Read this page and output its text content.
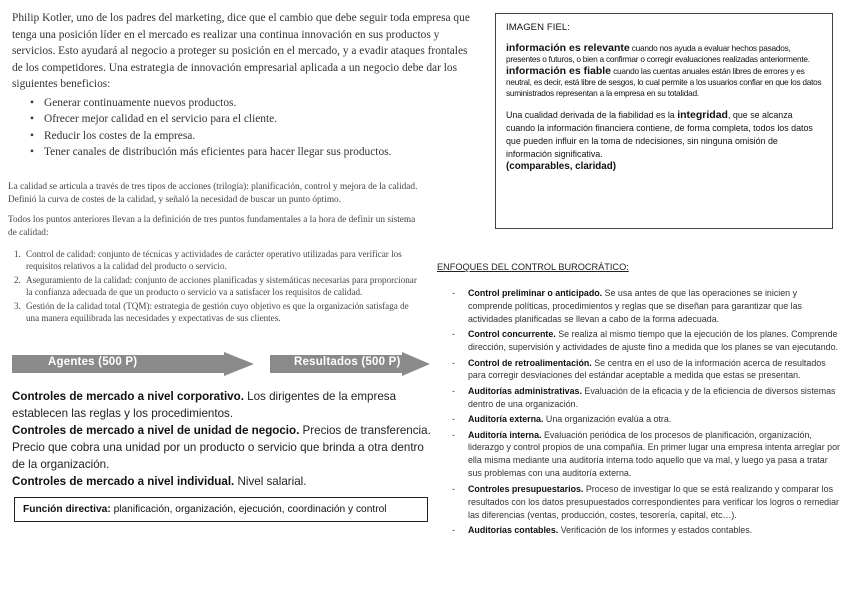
Philip Kotler, uno de los padres del marketing, dice que el cambio que debe seguir toda empresa que tenga una posición líder en el mercado es realizar una continua innovación en sus productos y servicios. Esto ayudará al negocio a proteger su posición en el mercado, y a evadir ataques frontales de los competidores. Una estrategia de innovación empresarial aplicada a un negocio debe dar los siguientes beneficios:

• Generar continuamente nuevos productos.
• Ofrecer mejor calidad en el servicio para el cliente.
• Reducir los costes de la empresa.
• Tener canales de distribución más eficientes para hacer llegar sus productos.

La calidad se articula a través de tres tipos de acciones (trilogía): planificación, control y mejora de la calidad. Definió la curva de costes de la calidad, y señaló la necesidad de buscar un punto óptimo.

Todos los puntos anteriores llevan a la definición de tres puntos fundamentales a la hora de definir un sistema de calidad:

1. Control de calidad: conjunto de técnicas y actividades de carácter operativo utilizadas para verificar los requisitos relativos a la calidad del producto o servicio.
2. Aseguramiento de la calidad: conjunto de acciones planificadas y sistemáticas necesarias para proporcionar la confianza adecuada de que un producto o servicio va a satisfacer los requisitos de calidad.
3. Gestión de la calidad total (TQM): estrategia de gestión cuyo objetivo es que la organización satisfaga de una manera equilibrada las necesidades y expectativas de sus clientes.
Agentes (500 P)	Resultados (500 P)
Controles de mercado a nivel corporativo. Los dirigentes de la empresa establecen las reglas y los procedimientos.
Controles de mercado a nivel de unidad de negocio. Precios de transferencia. Precio que cobra una unidad por un producto o servicio que brinda a otra dentro de la organización.
Controles de mercado a nivel individual. Nivel salarial.
Función directiva: planificación, organización, ejecución, coordinación y control
IMAGEN FIEL:
información es relevante cuando nos ayuda a evaluar hechos pasados, presentes o futuros, o bien a confirmar o corregir evaluaciones realizadas anteriormente.
información es fiable cuando las cuentas anuales están libres de errores y es neutral, es decir, está libre de sesgos, lo cual permite a los usuarios confiar en que los datos suministrados representan a la empresa en su totalidad.
Una cualidad derivada de la fiabilidad es la integridad, que se alcanza cuando la información financiera contiene, de forma completa, todos los datos que pueden influir en la toma de ndecisiones, sin ninguna omisión de información significativa.
(comparables, claridad)
ENFOQUES DEL CONTROL BUROCRÁTICO:
- Control preliminar o anticipado. Se usa antes de que las operaciones se inicien y comprende políticas, procedimientos y reglas que se diseñan para garantizar que las actividades planificadas se llevan a cabo de la forma adecuada.
- Control concurrente. Se realiza al mismo tiempo que la ejecución de los planes. Comprende dirección, supervisión y actividades de ajuste fino a medida que los planes se van ejecutando.
- Control de retroalimentación. Se centra en el uso de la información acerca de resultados para corregir desviaciones del estándar aceptable a medida que estas se presentan.
- Auditorías administrativas. Evaluación de la eficacia y de la eficiencia de diversos sistemas dentro de una organización.
- Auditoría externa. Una organización evalúa a otra.
- Auditoría interna. Evaluación periódica de los procesos de planificación, organización, liderazgo y control propios de una compañía. En primer lugar una empresa intenta arreglar por ella misma mediante una auditoría interna todo aquello que va mal, y luego ya pasa a tratar sus problemas con una auditoría externa.
- Controles presupuestarios. Proceso de investigar lo que se está realizando y comparar los resultados con los datos presupuestados correspondientes para verificar los logros o remediar las diferencias (ventas, producción, costes, tesorería, capital, etc…).
- Auditorías contables. Verificación de los informes y estados contables.
